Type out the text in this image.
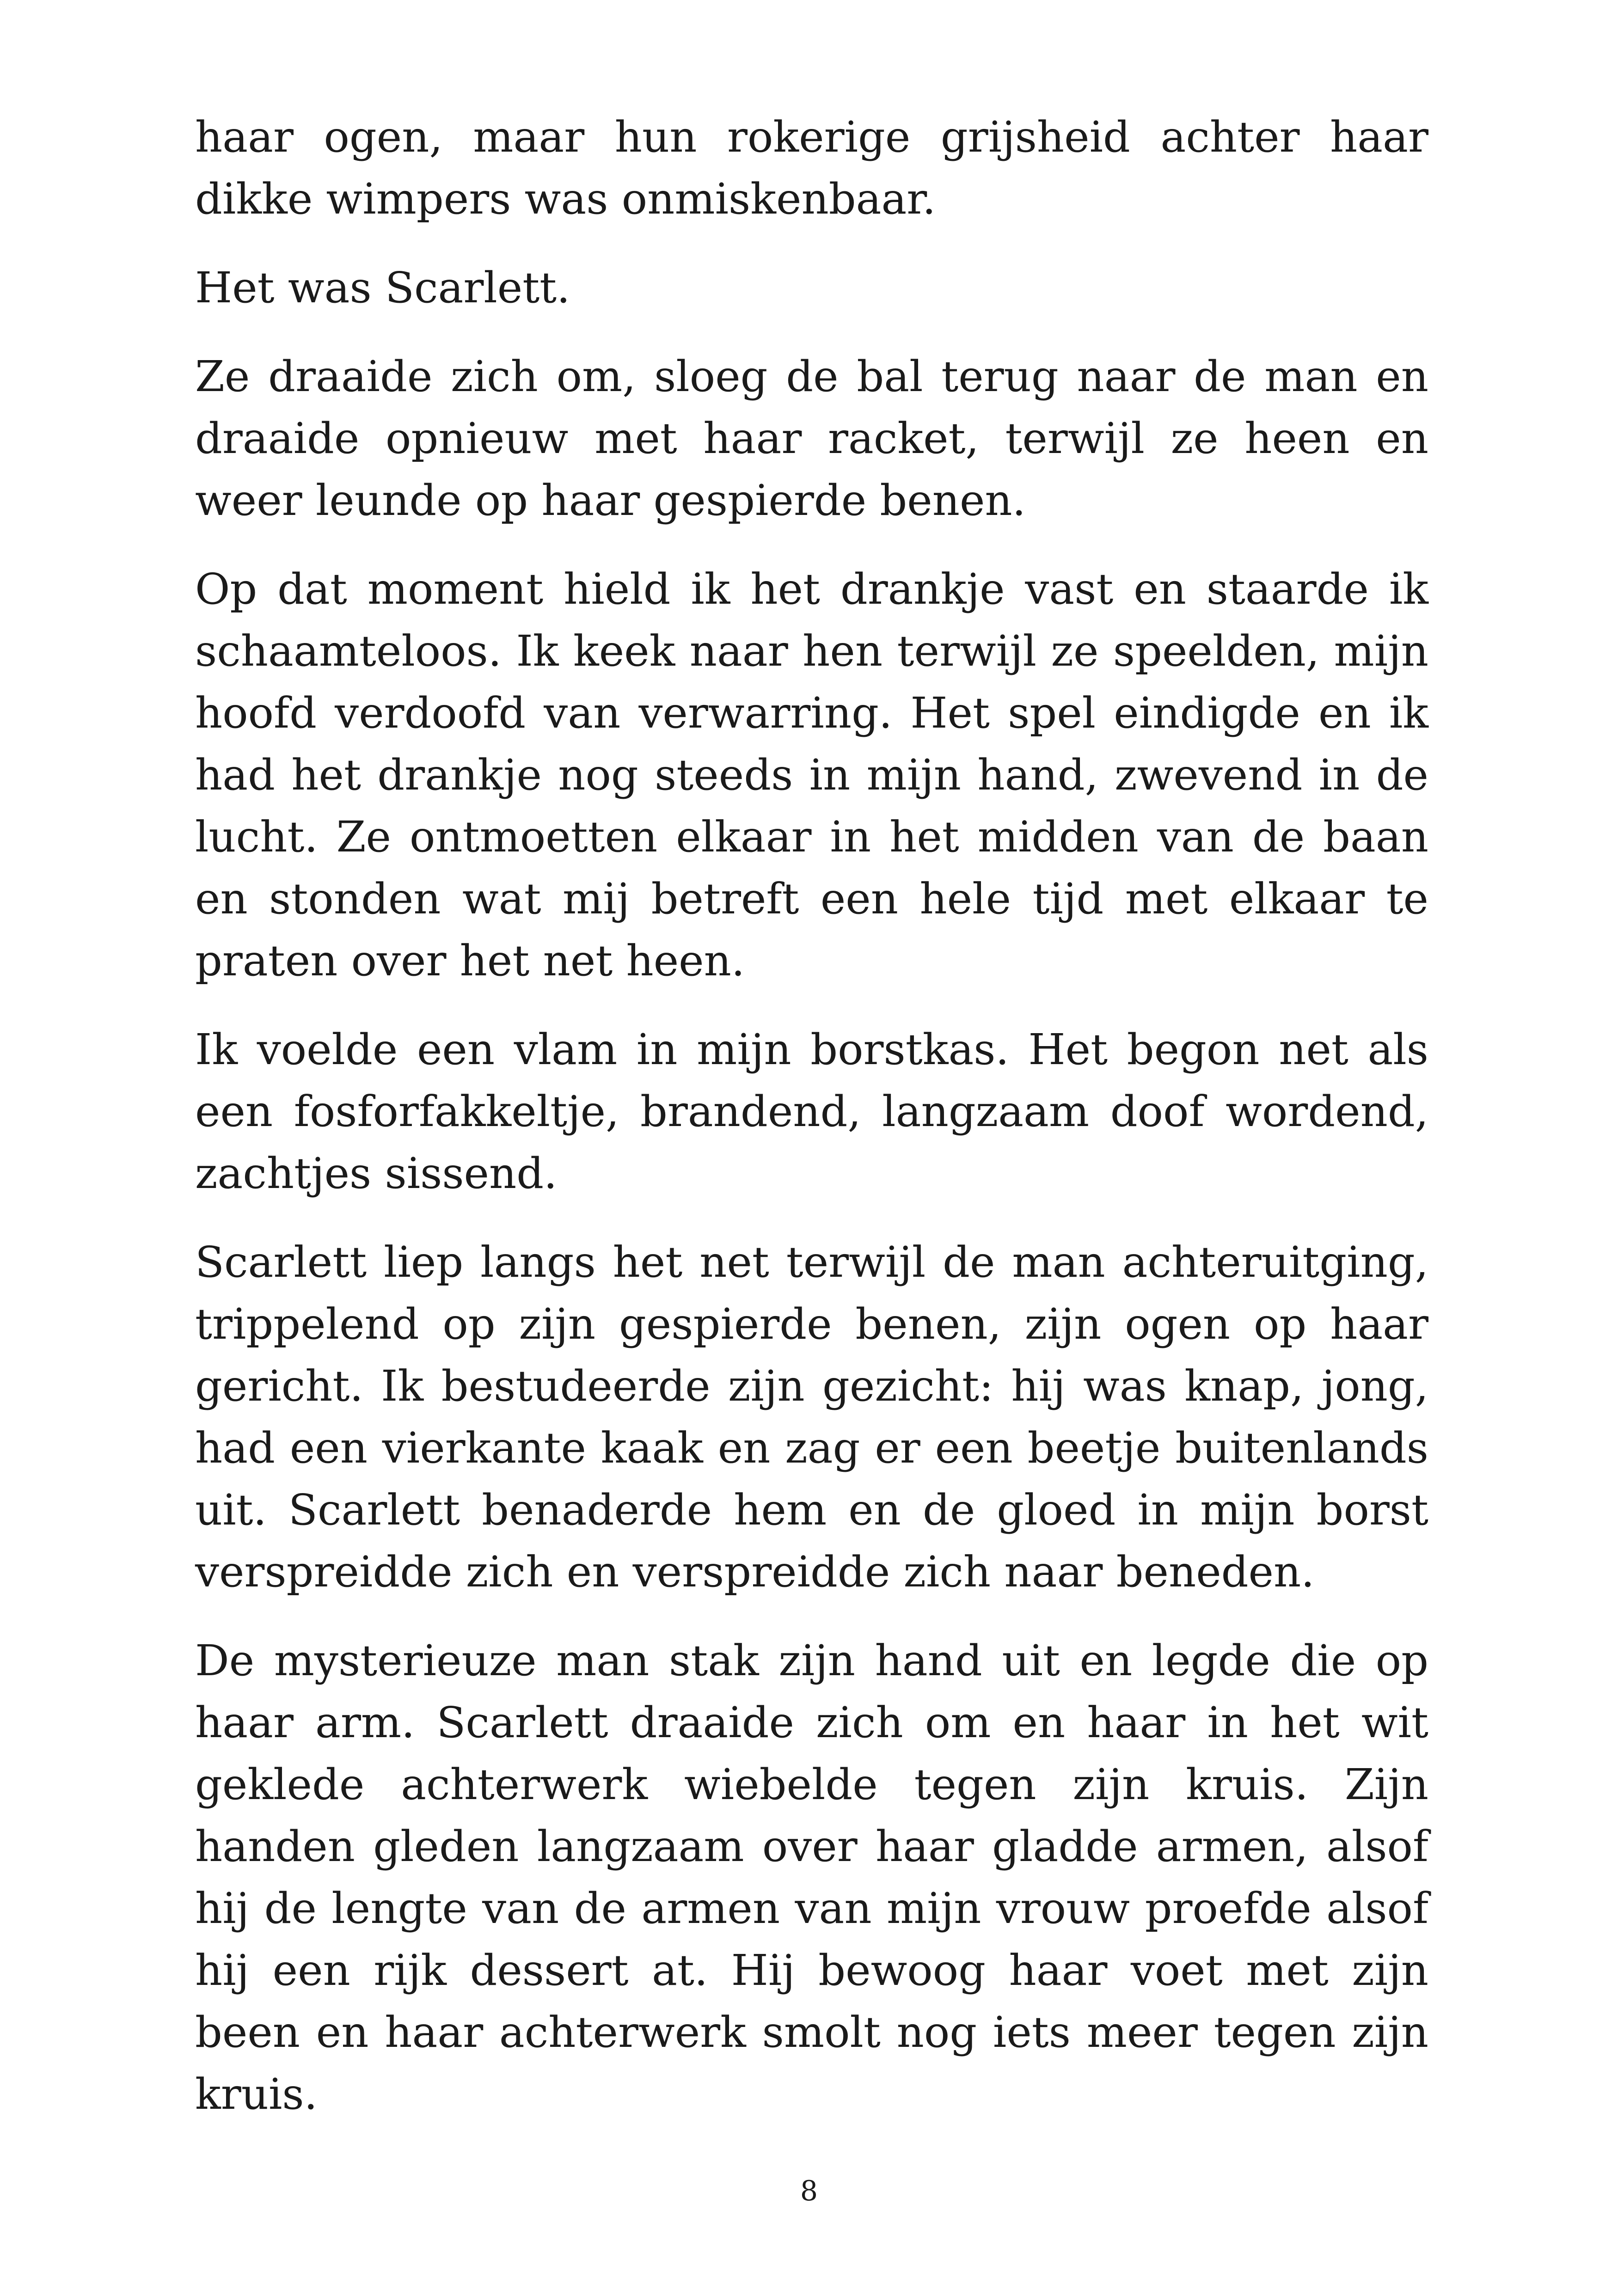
haar ogen, maar hun rokerige grijsheid achter haar dikke wimpers was onmiskenbaar.

Het was Scarlett.

Ze draaide zich om, sloeg de bal terug naar de man en draaide opnieuw met haar racket, terwijl ze heen en weer leunde op haar gespierde benen.

Op dat moment hield ik het drankje vast en staarde ik schaamteloos. Ik keek naar hen terwijl ze speelden, mijn hoofd verdoofd van verwarring. Het spel eindigde en ik had het drankje nog steeds in mijn hand, zwevend in de lucht. Ze ontmoetten elkaar in het midden van de baan en stonden wat mij betreft een hele tijd met elkaar te praten over het net heen.

Ik voelde een vlam in mijn borstkas. Het begon net als een fosforfakkeltje, brandend, langzaam doof wordend, zachtjes sissend.

Scarlett liep langs het net terwijl de man achteruitging, trippelend op zijn gespierde benen, zijn ogen op haar gericht. Ik bestudeerde zijn gezicht: hij was knap, jong, had een vierkante kaak en zag er een beetje buitenlands uit. Scarlett benaderde hem en de gloed in mijn borst verspreidde zich en verspreidde zich naar beneden.

De mysterieuze man stak zijn hand uit en legde die op haar arm. Scarlett draaide zich om en haar in het wit geklede achterwerk wiebelde tegen zijn kruis. Zijn handen gleden langzaam over haar gladde armen, alsof hij de lengte van de armen van mijn vrouw proefde alsof hij een rijk dessert at. Hij bewoog haar voet met zijn been en haar achterwerk smolt nog iets meer tegen zijn kruis.

8
